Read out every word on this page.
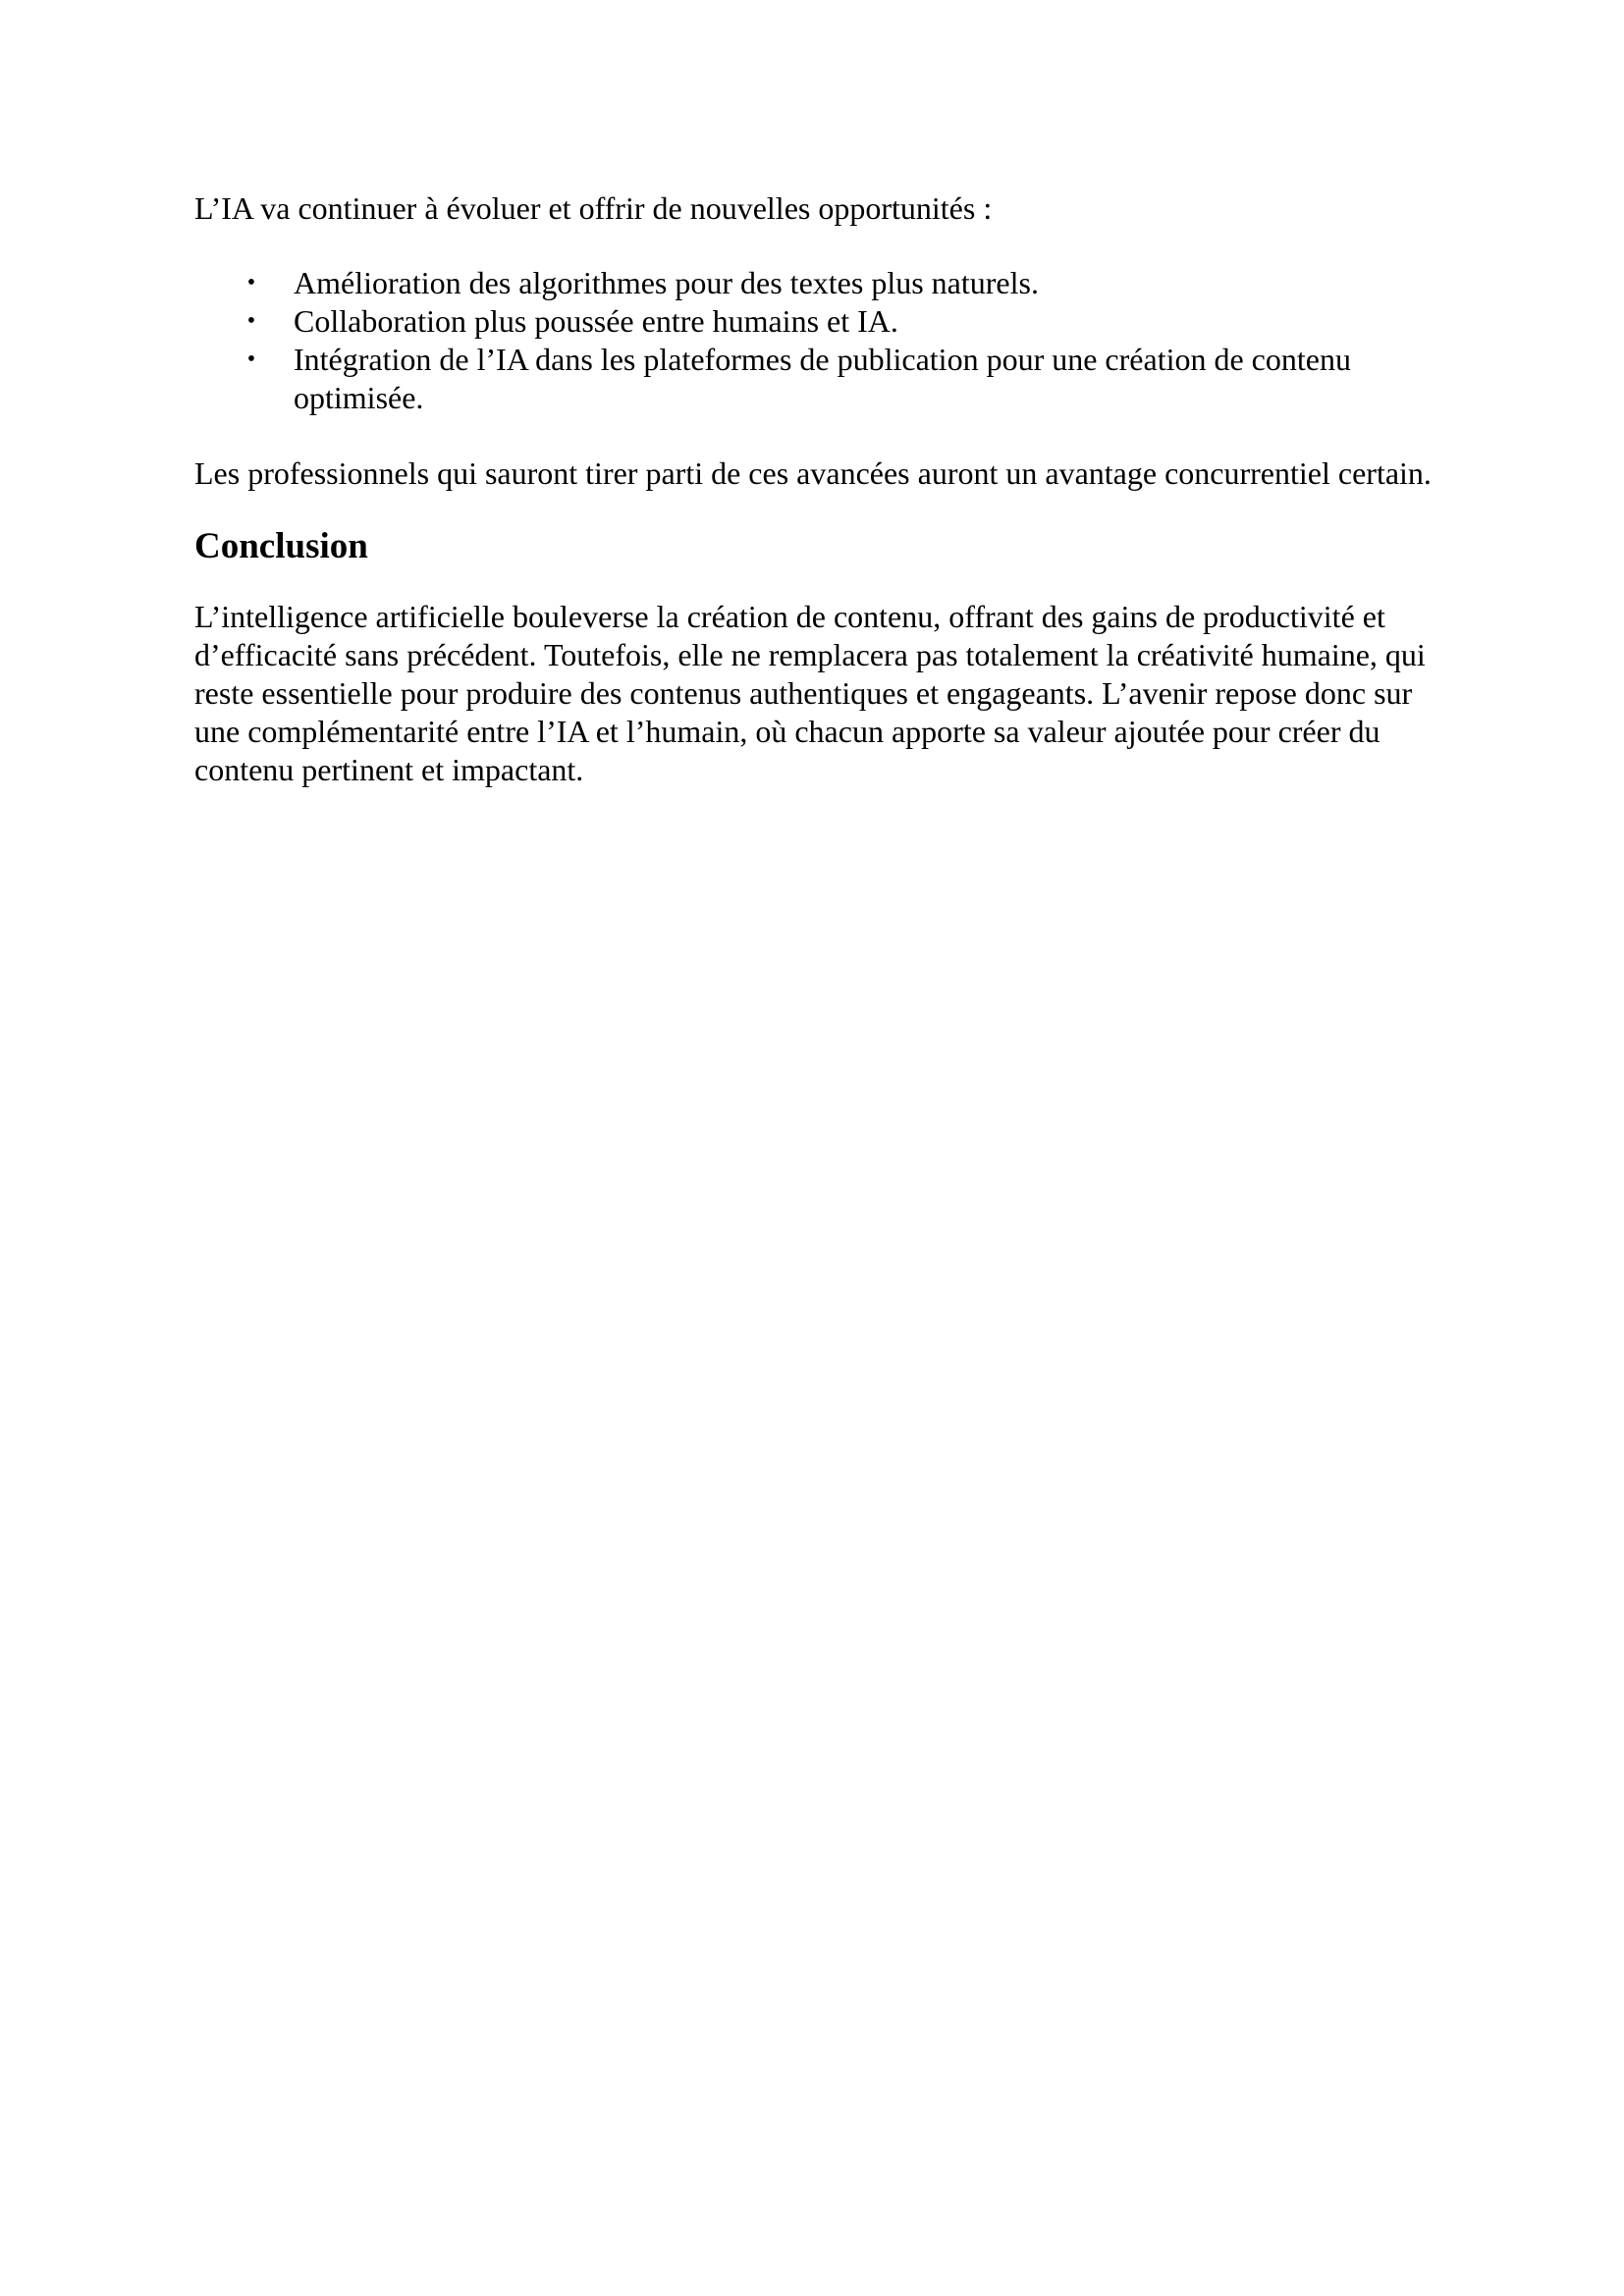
L’IA va continuer à évoluer et offrir de nouvelles opportunités :

• Amélioration des algorithmes pour des textes plus naturels.
• Collaboration plus poussée entre humains et IA.
• Intégration de l’IA dans les plateformes de publication pour une création de contenu optimisée.

Les professionnels qui sauront tirer parti de ces avancées auront un avantage concurrentiel certain.

Conclusion

L’intelligence artificielle bouleverse la création de contenu, offrant des gains de productivité et d’efficacité sans précédent. Toutefois, elle ne remplacera pas totalement la créativité humaine, qui reste essentielle pour produire des contenus authentiques et engageants. L’avenir repose donc sur une complémentarité entre l’IA et l’humain, où chacun apporte sa valeur ajoutée pour créer du contenu pertinent et impactant.
